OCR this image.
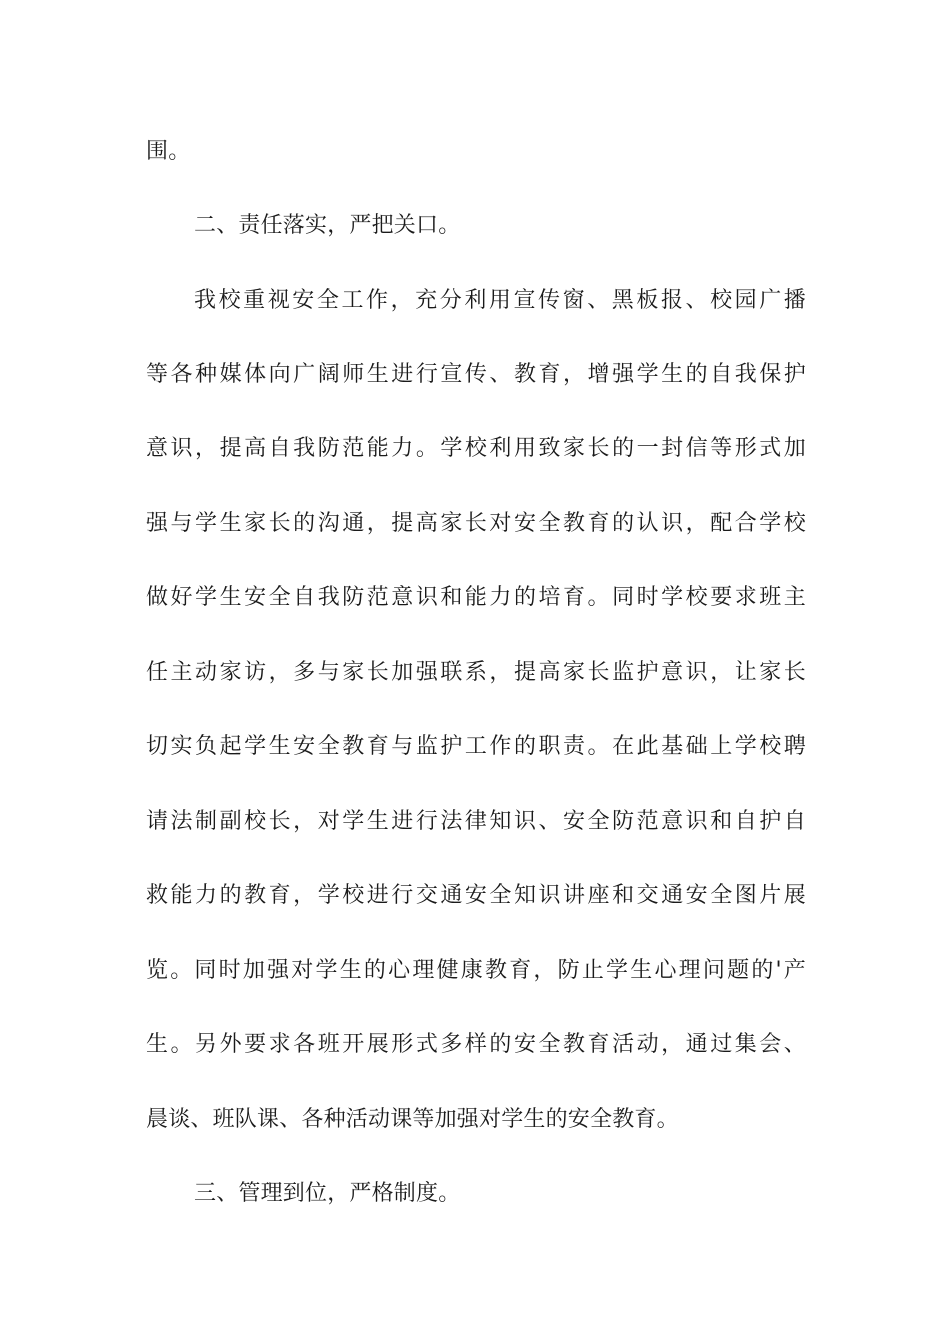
围。
二、责任落实，严把关口。
我校重视安全工作，充分利用宣传窗、黑板报、校园广播
等各种媒体向广阔师生进行宣传、教育，增强学生的自我保护
意识，提高自我防范能力。学校利用致家长的一封信等形式加
强与学生家长的沟通，提高家长对安全教育的认识，配合学校
做好学生安全自我防范意识和能力的培育。同时学校要求班主
任主动家访，多与家长加强联系，提高家长监护意识，让家长
切实负起学生安全教育与监护工作的职责。在此基础上学校聘
请法制副校长，对学生进行法律知识、安全防范意识和自护自
救能力的教育，学校进行交通安全知识讲座和交通安全图片展
览。同时加强对学生的心理健康教育，防止学生心理问题的'产
生。另外要求各班开展形式多样的安全教育活动，通过集会、
晨谈、班队课、各种活动课等加强对学生的安全教育。
三、管理到位，严格制度。
